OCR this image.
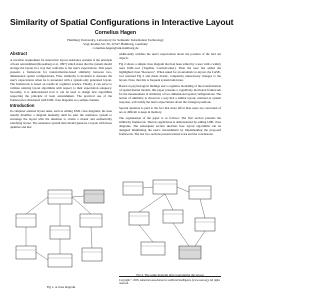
Similarity of Spatial Configurations in Interactive Layout
Cornelius Hagen
Hamburg University, Laboratory for Semantic Information Technology
Vogt-Koelln-Str. 30, 22527 Hamburg, Germany
cornelius.hagen@uni-hamburg.de
Abstract
A tractable requirement for interactive layout assistance systems is the principle of least astonishment (Rosenberg et al. 1997) which states that the system should arrange the layout in a way that conforms to the user's expectations. This paper presents a framework for transformation-based similarity between two-dimensional spatial configurations. First, similarity is modeled to measure the user's expectations when he is presented with a system-only generated layout. The framework is based on results in cognitive science. Finally, it can serve to validate existing layout algorithms with respect to their expectation adequacy. Secondly, it is demonstrated how it can be used to design new algorithms respecting the principle of least astonishment. The practical use of the framework is illustrated with UML class diagrams as a sample domain.
Introduction
In computer assisted layout tasks, such as editing UML class diagrams, the tune usually modifies a diagram manually until he asks the assistance system to rearrange the layout with the intention to obtain a clearer and aesthetically satisfying layout. The assistance system then should generate a layout with those qualities and that
Fig 1. A class diagram
additionally satisfies the user's expectations about the position of the laid out objects.
Fig 2 shows a simple class diagram that had been edited by a user with a widely used UML-tool (Together ControlCenter). Then the user has added the highlighted class "Resource". When asked for an automatic re-layout, the CASE-tool returned Fig 2 and made drastic, completely unnecessary changes to the layout. Note, that this is frequent system behaviour.
Based on psychological findings and a cognitive modelling of the transformation of spatial mental models, this paper presents a cognitively motivated framework for the measurement of similarity of two-dimensional spatial configurations. The notion of similarity is chosen in a way that a similar layout, returned as system response, will satisfy the user's expectations about the arranged positions.
Special attention is paid to the fact that more effort than users are concerned of are as difficult to keep in memory.
The organisation of the paper is as follows: The first section presents the similarity framework. Then its application is demonstrated by editing UML class diagrams. The subsequent section sketches how layout algorithms can be designed minimizing the user's astonishment by implementing the proposed framework. The last two sections present related work and the conclusions.
Fig 2. The same diagram after rearranging the layout
Copyright © 2005, American Association for Artificial Intelligence (www.aaai.org). All rights reserved.
